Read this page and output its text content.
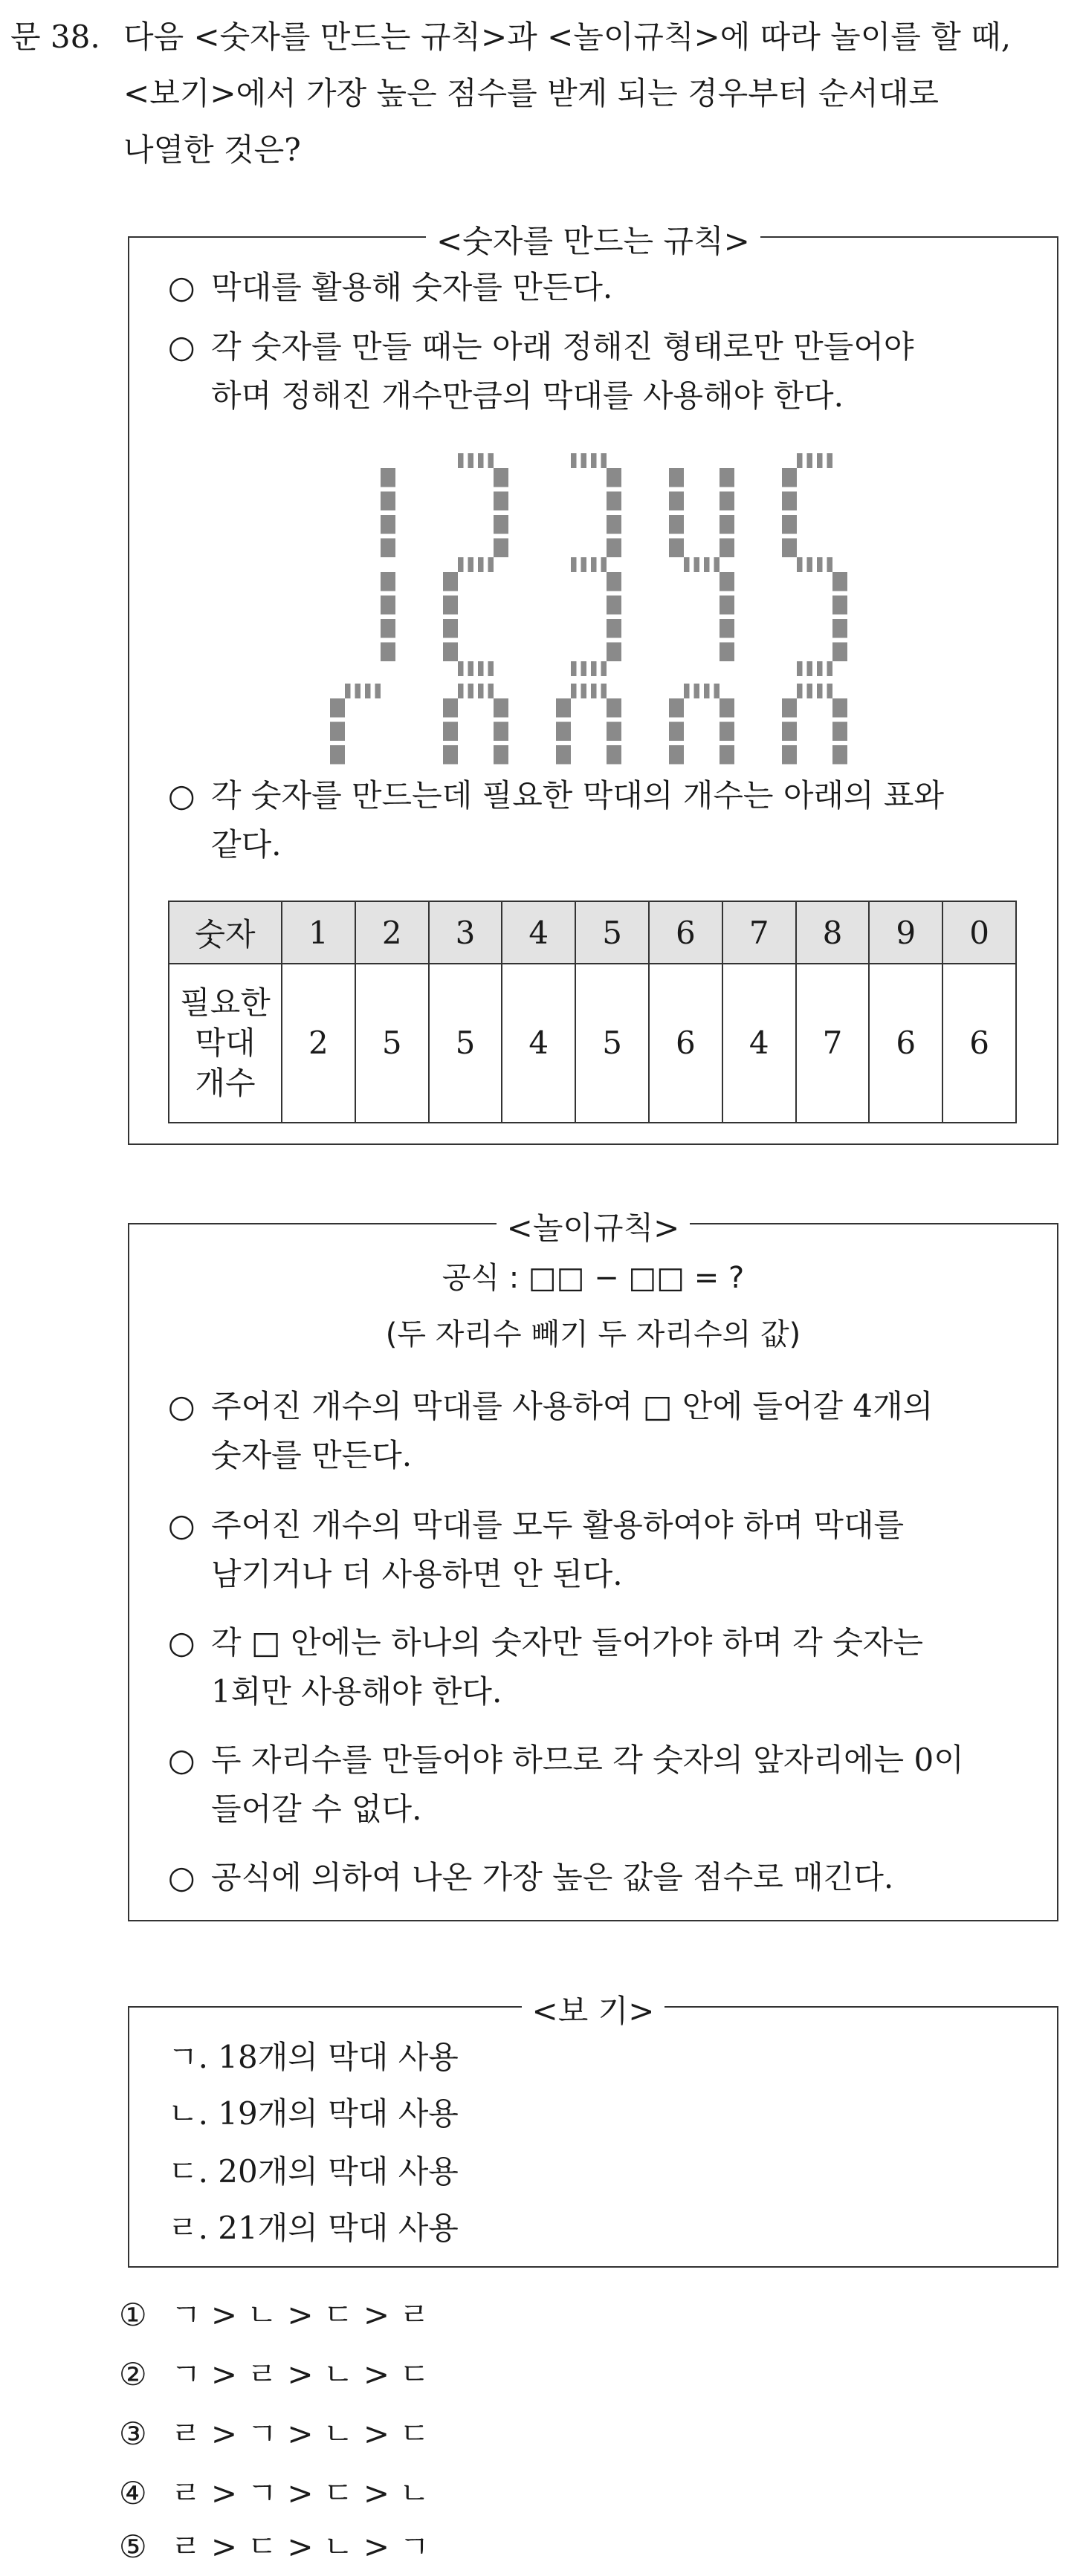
문 38. 다음 <숫자를 만드는 규칙>과 <놀이규칙>에 따라 놀이를 할 때,
<보기>에서 가장 높은 점수를 받게 되는 경우부터 순서대로
나열한 것은?
<숫자를 만드는 규칙>
○ 막대를 활용해 숫자를 만든다.
○ 각 숫자를 만들 때는 아래 정해진 형태로만 만들어야
하며 정해진 개수만큼의 막대를 사용해야 한다.
○ 각 숫자를 만드는데 필요한 막대의 개수는 아래의 표와
같다.
숫자	1	2	3	4	5	6	7	8	9	0

필요한
막대
개수	2	5	5	4	5	6	4	7	6	6
<놀이규칙>
공식 : □□ − □□ = ?
(두 자리수 빼기 두 자리수의 값)
○ 주어진 개수의 막대를 사용하여 □ 안에 들어갈 4개의
숫자를 만든다.
○ 주어진 개수의 막대를 모두 활용하여야 하며 막대를
남기거나 더 사용하면 안 된다.
○ 각 □ 안에는 하나의 숫자만 들어가야 하며 각 숫자는
1회만 사용해야 한다.
○ 두 자리수를 만들어야 하므로 각 숫자의 앞자리에는 0이
들어갈 수 없다.
○ 공식에 의하여 나온 가장 높은 값을 점수로 매긴다.
<보 기>
ㄱ. 18개의 막대 사용
ㄴ. 19개의 막대 사용
ㄷ. 20개의 막대 사용
ㄹ. 21개의 막대 사용
① ㄱ > ㄴ > ㄷ > ㄹ
② ㄱ > ㄹ > ㄴ > ㄷ
③ ㄹ > ㄱ > ㄴ > ㄷ
④ ㄹ > ㄱ > ㄷ > ㄴ
⑤ ㄹ > ㄷ > ㄴ > ㄱ
